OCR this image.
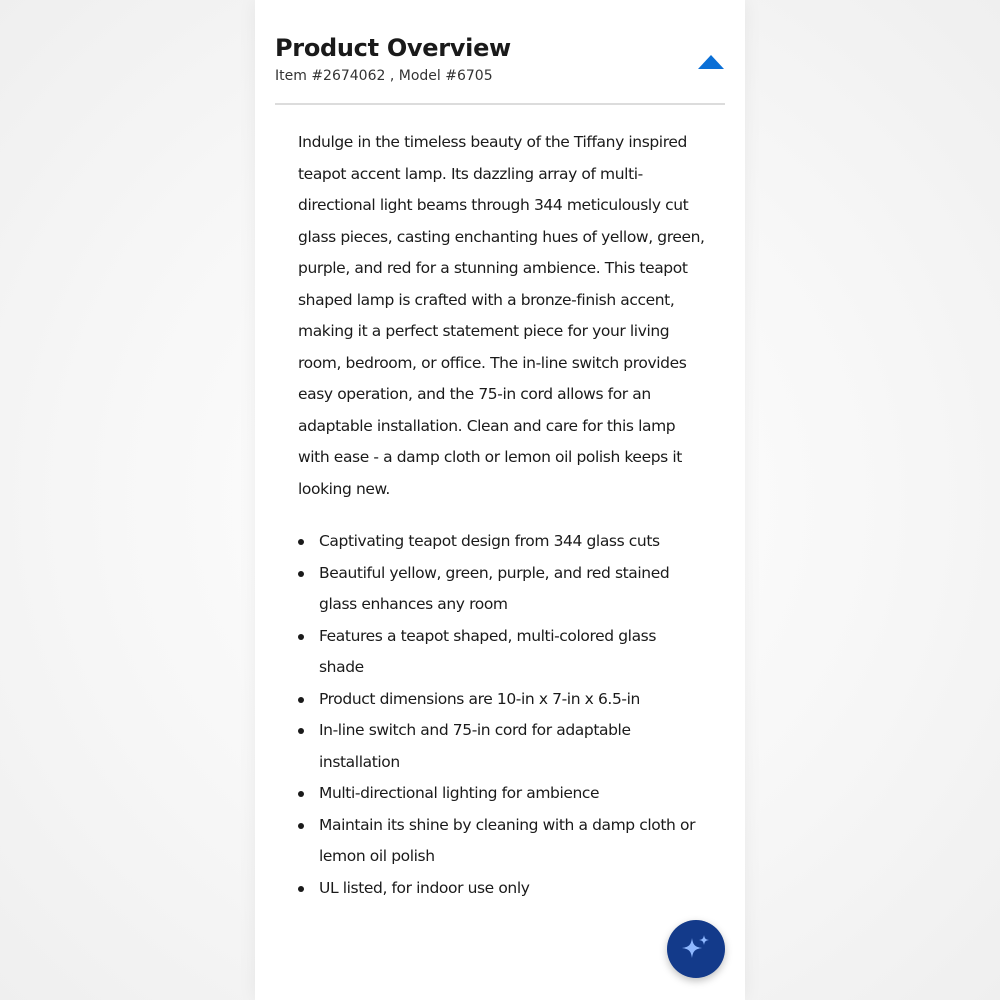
Product Overview
Item #2674062 , Model #6705

Indulge in the timeless beauty of the Tiffany inspired teapot accent lamp. Its dazzling array of multi-directional light beams through 344 meticulously cut glass pieces, casting enchanting hues of yellow, green, purple, and red for a stunning ambience. This teapot shaped lamp is crafted with a bronze-finish accent, making it a perfect statement piece for your living room, bedroom, or office. The in-line switch provides easy operation, and the 75-in cord allows for an adaptable installation. Clean and care for this lamp with ease - a damp cloth or lemon oil polish keeps it looking new.

Captivating teapot design from 344 glass cuts
Beautiful yellow, green, purple, and red stained glass enhances any room
Features a teapot shaped, multi-colored glass shade
Product dimensions are 10-in x 7-in x 6.5-in
In-line switch and 75-in cord for adaptable installation
Multi-directional lighting for ambience
Maintain its shine by cleaning with a damp cloth or lemon oil polish
UL listed, for indoor use only
